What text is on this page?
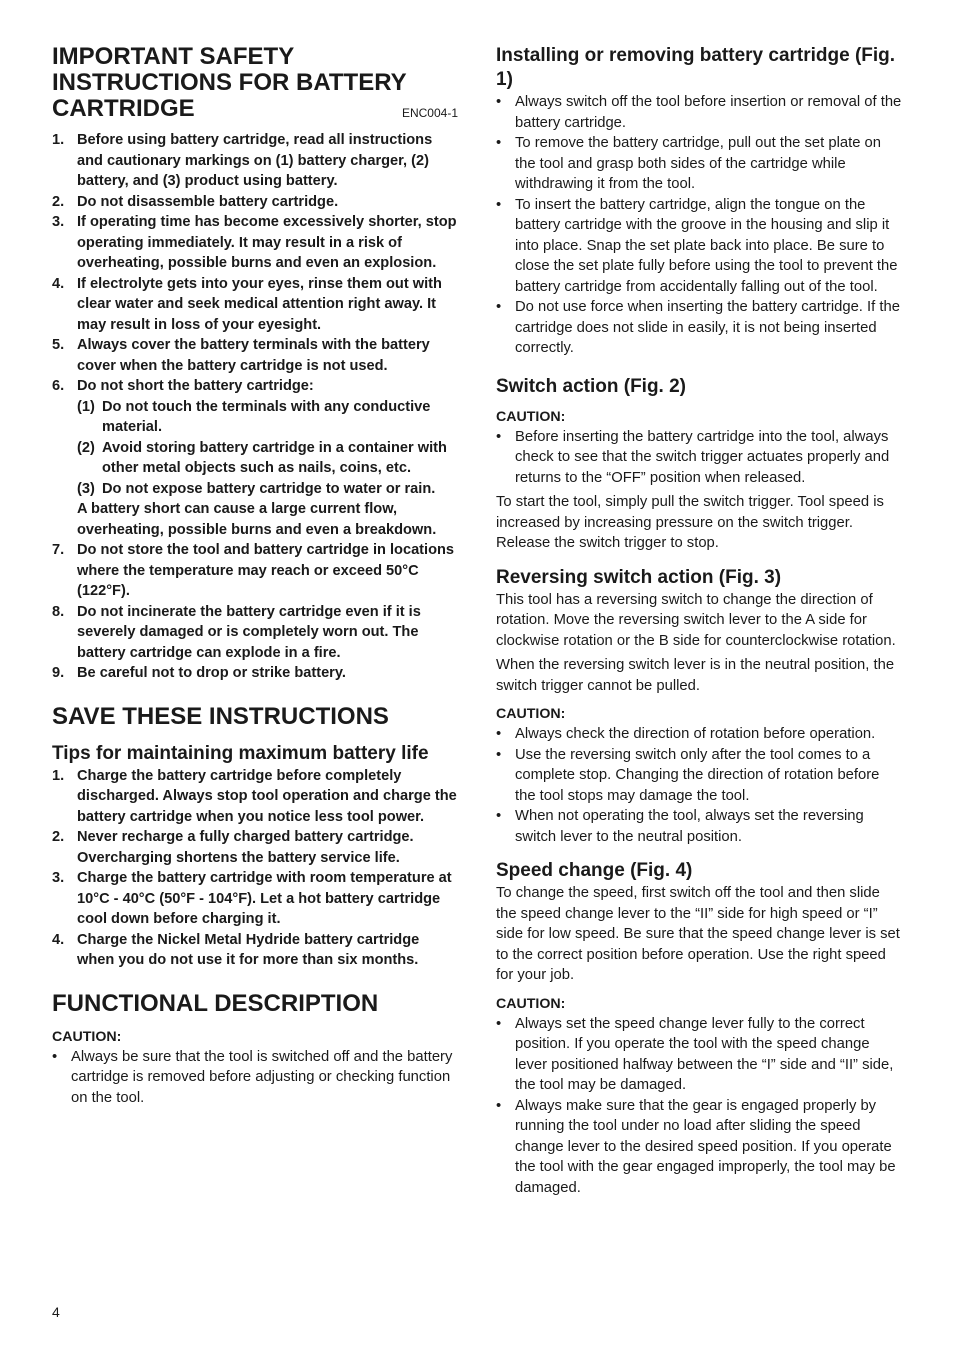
IMPORTANT SAFETY INSTRUCTIONS FOR BATTERY CARTRIDGE	ENC004-1
1. Before using battery cartridge, read all instructions and cautionary markings on (1) battery charger, (2) battery, and (3) product using battery.
2. Do not disassemble battery cartridge.
3. If operating time has become excessively shorter, stop operating immediately. It may result in a risk of overheating, possible burns and even an explosion.
4. If electrolyte gets into your eyes, rinse them out with clear water and seek medical attention right away. It may result in loss of your eyesight.
5. Always cover the battery terminals with the battery cover when the battery cartridge is not used.
6. Do not short the battery cartridge:
(1) Do not touch the terminals with any conductive material.
(2) Avoid storing battery cartridge in a container with other metal objects such as nails, coins, etc.
(3) Do not expose battery cartridge to water or rain.
A battery short can cause a large current flow, overheating, possible burns and even a breakdown.
7. Do not store the tool and battery cartridge in locations where the temperature may reach or exceed 50°C (122°F).
8. Do not incinerate the battery cartridge even if it is severely damaged or is completely worn out. The battery cartridge can explode in a fire.
9. Be careful not to drop or strike battery.
SAVE THESE INSTRUCTIONS
Tips for maintaining maximum battery life
1. Charge the battery cartridge before completely discharged. Always stop tool operation and charge the battery cartridge when you notice less tool power.
2. Never recharge a fully charged battery cartridge. Overcharging shortens the battery service life.
3. Charge the battery cartridge with room temperature at 10°C - 40°C (50°F - 104°F). Let a hot battery cartridge cool down before charging it.
4. Charge the Nickel Metal Hydride battery cartridge when you do not use it for more than six months.
FUNCTIONAL DESCRIPTION

CAUTION:

• Always be sure that the tool is switched off and the battery cartridge is removed before adjusting or checking function on the tool.
Installing or removing battery cartridge (Fig. 1)
• Always switch off the tool before insertion or removal of the battery cartridge.
• To remove the battery cartridge, pull out the set plate on the tool and grasp both sides of the cartridge while withdrawing it from the tool.
• To insert the battery cartridge, align the tongue on the battery cartridge with the groove in the housing and slip it into place. Snap the set plate back into place. Be sure to close the set plate fully before using the tool to prevent the battery cartridge from accidentally falling out of the tool.
• Do not use force when inserting the battery cartridge. If the cartridge does not slide in easily, it is not being inserted correctly.
Switch action (Fig. 2)

CAUTION:

• Before inserting the battery cartridge into the tool, always check to see that the switch trigger actuates properly and returns to the “OFF” position when released.

To start the tool, simply pull the switch trigger. Tool speed is increased by increasing pressure on the switch trigger. Release the switch trigger to stop.

Reversing switch action (Fig. 3)

This tool has a reversing switch to change the direction of rotation. Move the reversing switch lever to the A side for clockwise rotation or the B side for counterclockwise rotation.

When the reversing switch lever is in the neutral position, the switch trigger cannot be pulled.

CAUTION:

• Always check the direction of rotation before operation.
• Use the reversing switch only after the tool comes to a complete stop. Changing the direction of rotation before the tool stops may damage the tool.
• When not operating the tool, always set the reversing switch lever to the neutral position.
Speed change (Fig. 4)

To change the speed, first switch off the tool and then slide the speed change lever to the “II” side for high speed or “I” side for low speed. Be sure that the speed change lever is set to the correct position before operation. Use the right speed for your job.

CAUTION:

• Always set the speed change lever fully to the correct position. If you operate the tool with the speed change lever positioned halfway between the “I” side and “II” side, the tool may be damaged.
• Always make sure that the gear is engaged properly by running the tool under no load after sliding the speed change lever to the desired speed position. If you operate the tool with the gear engaged improperly, the tool may be damaged.
4
